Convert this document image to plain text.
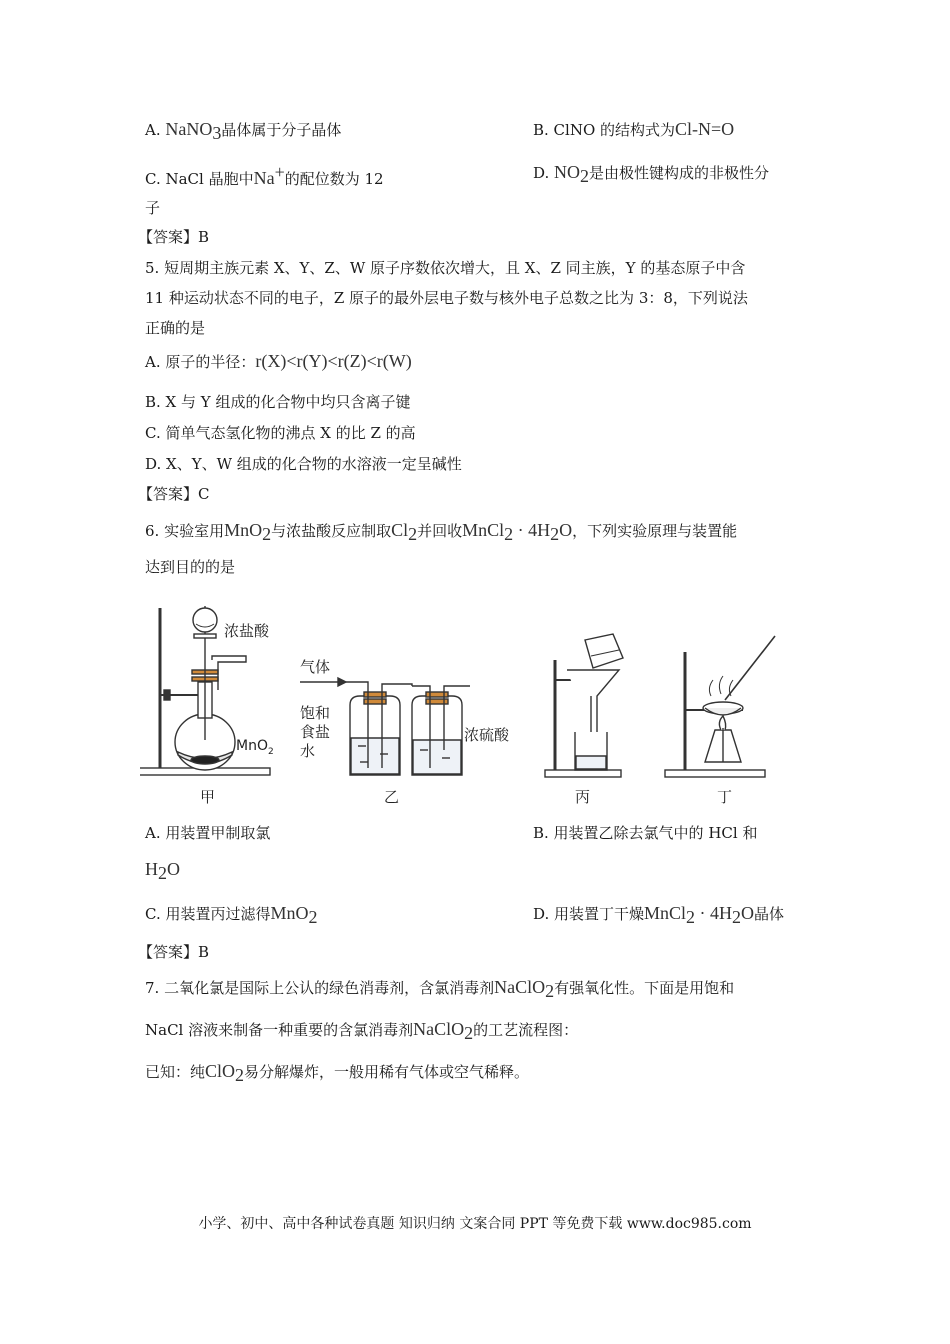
A. NaNO$_3$晶体属于分子晶体	B. ClNO 的结构式为Cl-N=O
C. NaCl 晶胞中Na+的配位数为 12	D. $NO_2$是由极性键构成的非极性分
子
【答案】B
5. 短周期主族元素 X、Y、Z、W 原子序数依次增大，且 X、Z 同主族，Y 的基态原子中含
11 种运动状态不同的电子，Z 原子的最外层电子数与核外电子总数之比为 3：8，下列说法
正确的是
A. 原子的半径：r(X)<r(Y)<r(Z)<r(W)
B. X 与 Y 组成的化合物中均只含离子键
C. 简单气态氢化物的沸点 X 的比 Z 的高
D. X、Y、W 组成的化合物的水溶液一定呈碱性
【答案】C
6. 实验室用MnO$_2$与浓盐酸反应制取$Cl_2$并回收MnCl$_2$ · $4H_2O$，下列实验原理与装置能
达到目的的是
浓盐酸
MnO$_2$
甲
气体
饱和
食盐
水
浓硫酸
乙	丙	丁
A. 用装置甲制取氯	B. 用装置乙除去氯气中的 HCl 和
$H_2O$
C. 用装置丙过滤得MnO$_2$	D. 用装置丁干燥MnCl$_2$ · $4H_2O$晶体
【答案】B
7. 二氧化氯是国际上公认的绿色消毒剂，含氯消毒剂NaClO$_2$有强氧化性。下面是用饱和
NaCl 溶液来制备一种重要的含氯消毒剂NaClO$_2$的工艺流程图：
已知：纯ClO$_2$易分解爆炸，一般用稀有气体或空气稀释。
小学、初中、高中各种试卷真题 知识归纳 文案合同 PPT 等免费下载 www.doc985.com
